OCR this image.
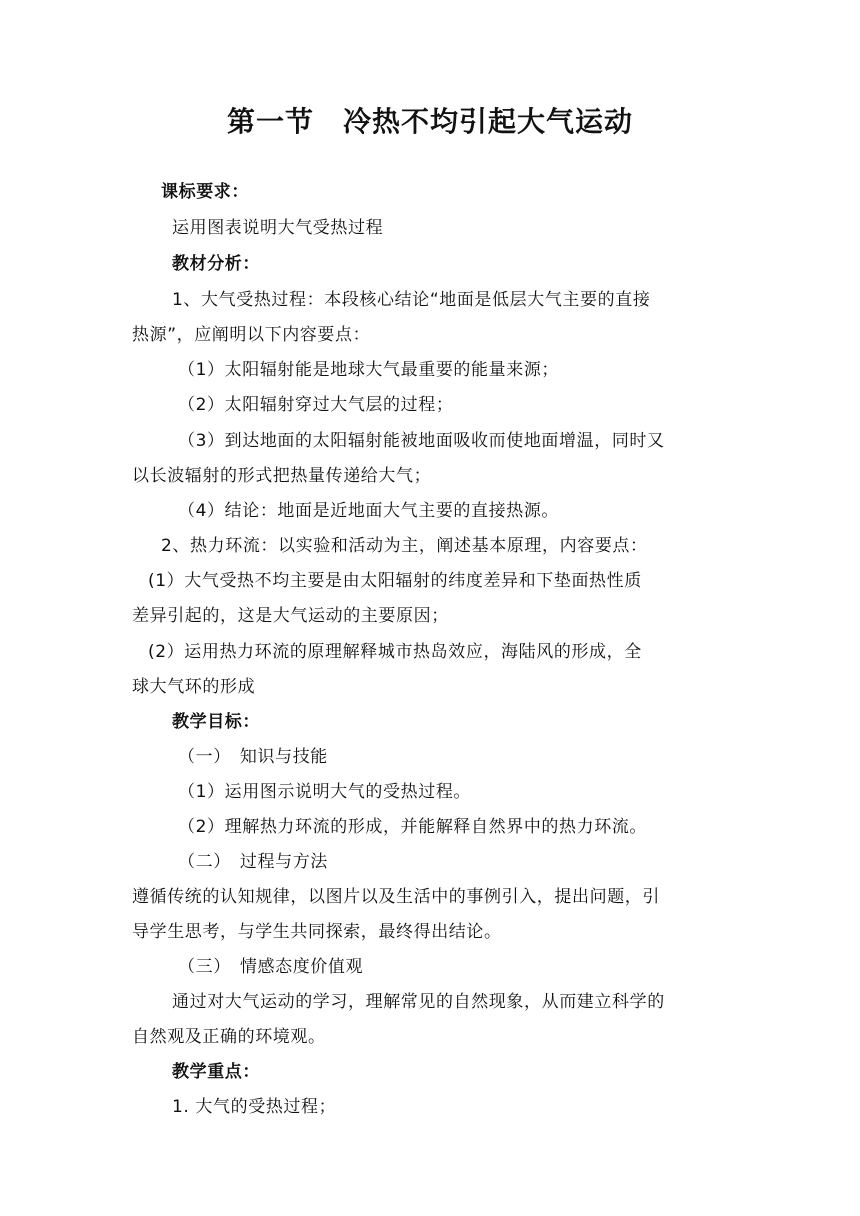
第一节　冷热不均引起大气运动
课标要求：
运用图表说明大气受热过程
教材分析：
1、大气受热过程：本段核心结论“地面是低层大气主要的直接
热源”，应阐明以下内容要点：
（1）太阳辐射能是地球大气最重要的能量来源；
（2）太阳辐射穿过大气层的过程；
（3）到达地面的太阳辐射能被地面吸收而使地面增温，同时又
以长波辐射的形式把热量传递给大气；
（4）结论：地面是近地面大气主要的直接热源。
2、热力环流：以实验和活动为主，阐述基本原理，内容要点：
(1）大气受热不均主要是由太阳辐射的纬度差异和下垫面热性质
差异引起的，这是大气运动的主要原因；
(2）运用热力环流的原理解释城市热岛效应，海陆风的形成，全
球大气环的形成
教学目标：
（一）　知识与技能
（1）运用图示说明大气的受热过程。
（2）理解热力环流的形成，并能解释自然界中的热力环流。
（二）　过程与方法
遵循传统的认知规律，以图片以及生活中的事例引入，提出问题，引
导学生思考，与学生共同探索，最终得出结论。
（三）　情感态度价值观
通过对大气运动的学习，理解常见的自然现象，从而建立科学的
自然观及正确的环境观。
教学重点：
1. 大气的受热过程；
